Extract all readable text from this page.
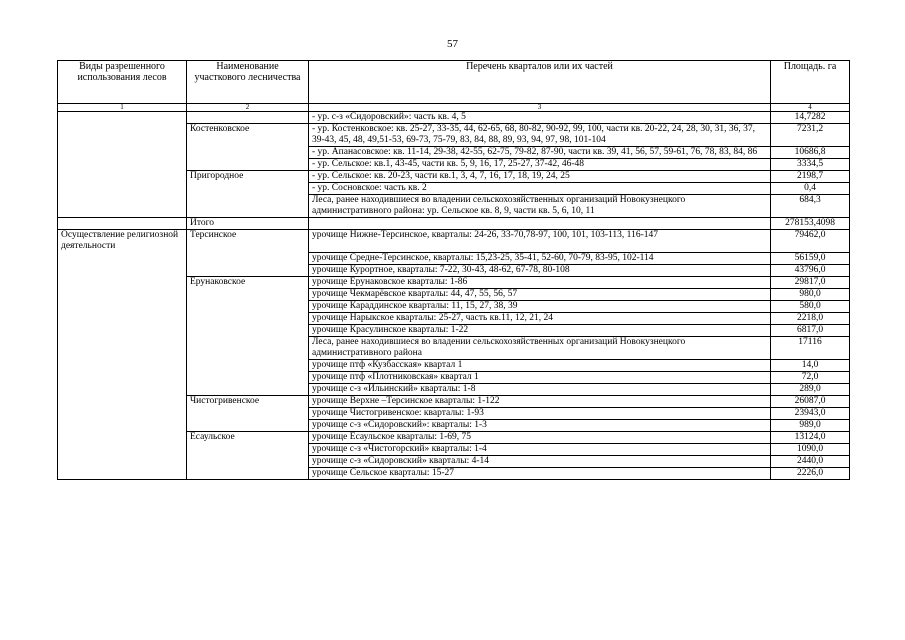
57
Виды разрешенного использования лесов	Наименование участкового лесничества	Перечень кварталов или их частей	Площадь. га
1	2	3	4
		- ур. с-з «Сидоровский»: часть кв. 4, 5	14,7282
	Костенковское	- ур. Костенковское: кв. 25-27, 33-35, 44, 62-65, 68, 80-82, 90-92, 99, 100, части кв. 20-22, 24, 28, 30, 31, 36, 37, 39-43, 45, 48, 49,51-53, 69-73, 75-79, 83, 84, 88, 89, 93, 94, 97, 98, 101-104	7231,2
		- ур. Апанасовское: кв. 11-14, 29-38, 42-55, 62-75, 79-82, 87-90, части кв. 39, 41, 56, 57, 59-61, 76, 78, 83, 84, 86	10686,8
		- ур. Сельское: кв.1, 43-45, части кв. 5, 9, 16, 17, 25-27, 37-42, 46-48	3334,5
	Пригородное	- ур. Сельское: кв. 20-23, части кв.1, 3, 4, 7, 16, 17, 18, 19, 24, 25	2198,7
		- ур. Сосновское: часть кв. 2	0,4
		Леса, ранее находившиеся во владении сельскохозяйственных организаций Новокузнецкого административного района: ур. Сельское кв. 8, 9, части кв. 5, 6, 10, 11	684,3
	Итого		278153,4098
Осуществление религиозной деятельности	Терсинское	урочище Нижне-Терсинское, кварталы: 24-26, 33-70,78-97, 100, 101, 103-113, 116-147	79462,0
		урочище Средне-Терсинское, кварталы: 15,23-25, 35-41, 52-60, 70-79, 83-95, 102-114	56159,0
		урочище Курортное, кварталы: 7-22, 30-43, 48-62, 67-78, 80-108	43796,0
	Ерунаковское	урочище Ерунаковское кварталы: 1-86	29817,0
		урочище Чекмарёвское кварталы: 44, 47, 55, 56, 57	980,0
		урочище Караддинское кварталы: 11, 15, 27, 38, 39	580,0
		урочище Нарыкское кварталы: 25-27, часть кв.11, 12, 21, 24	2218,0
		урочище Красулинское кварталы: 1-22	6817,0
		Леса, ранее находившиеся во владении сельскохозяйственных организаций Новокузнецкого административного района	17116
		урочище птф «Кузбасская» квартал 1	14,0
		урочище птф «Плотниковская» квартал 1	72,0
		урочище с-з «Ильинский» кварталы: 1-8	289,0
	Чистогривенское	урочище Верхне –Терсинское кварталы: 1-122	26087,0
		урочище Чистогривенское: кварталы: 1-93	23943,0
		урочище с-з «Сидоровский»: кварталы: 1-3	989,0
	Есаульское	урочище Есаульское кварталы: 1-69, 75	13124,0
		урочище с-з «Чистогорский» кварталы: 1-4	1090,0
		урочище с-з «Сидоровский» кварталы: 4-14	2440,0
		урочище Сельское кварталы: 15-27	2226,0
